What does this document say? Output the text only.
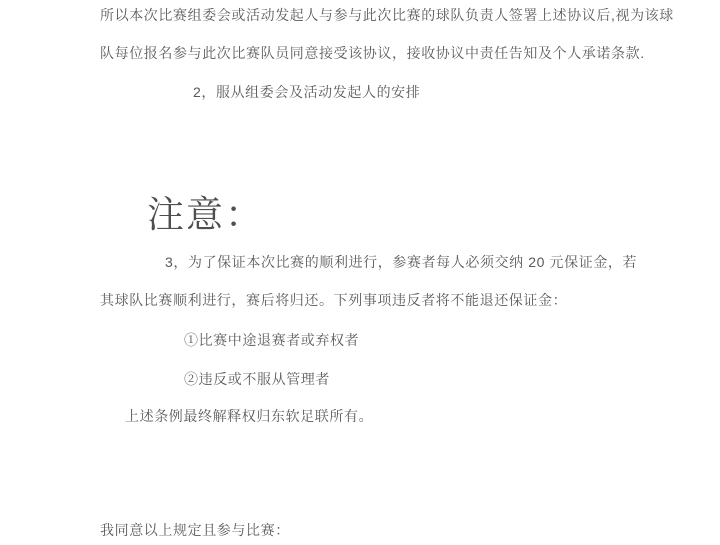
所以本次比赛组委会或活动发起人与参与此次比赛的球队负责人签署上述协议后,视为该球
队每位报名参与此次比赛队员同意接受该协议，接收协议中责任告知及个人承诺条款.
2，服从组委会及活动发起人的安排
注意：
3，为了保证本次比赛的顺利进行，参赛者每人必须交纳 20 元保证金，若
其球队比赛顺利进行，赛后将归还。下列事项违反者将不能退还保证金：
①比赛中途退赛者或弃权者
②违反或不服从管理者
上述条例最终解释权归东软足联所有。
我同意以上规定且参与比赛：
